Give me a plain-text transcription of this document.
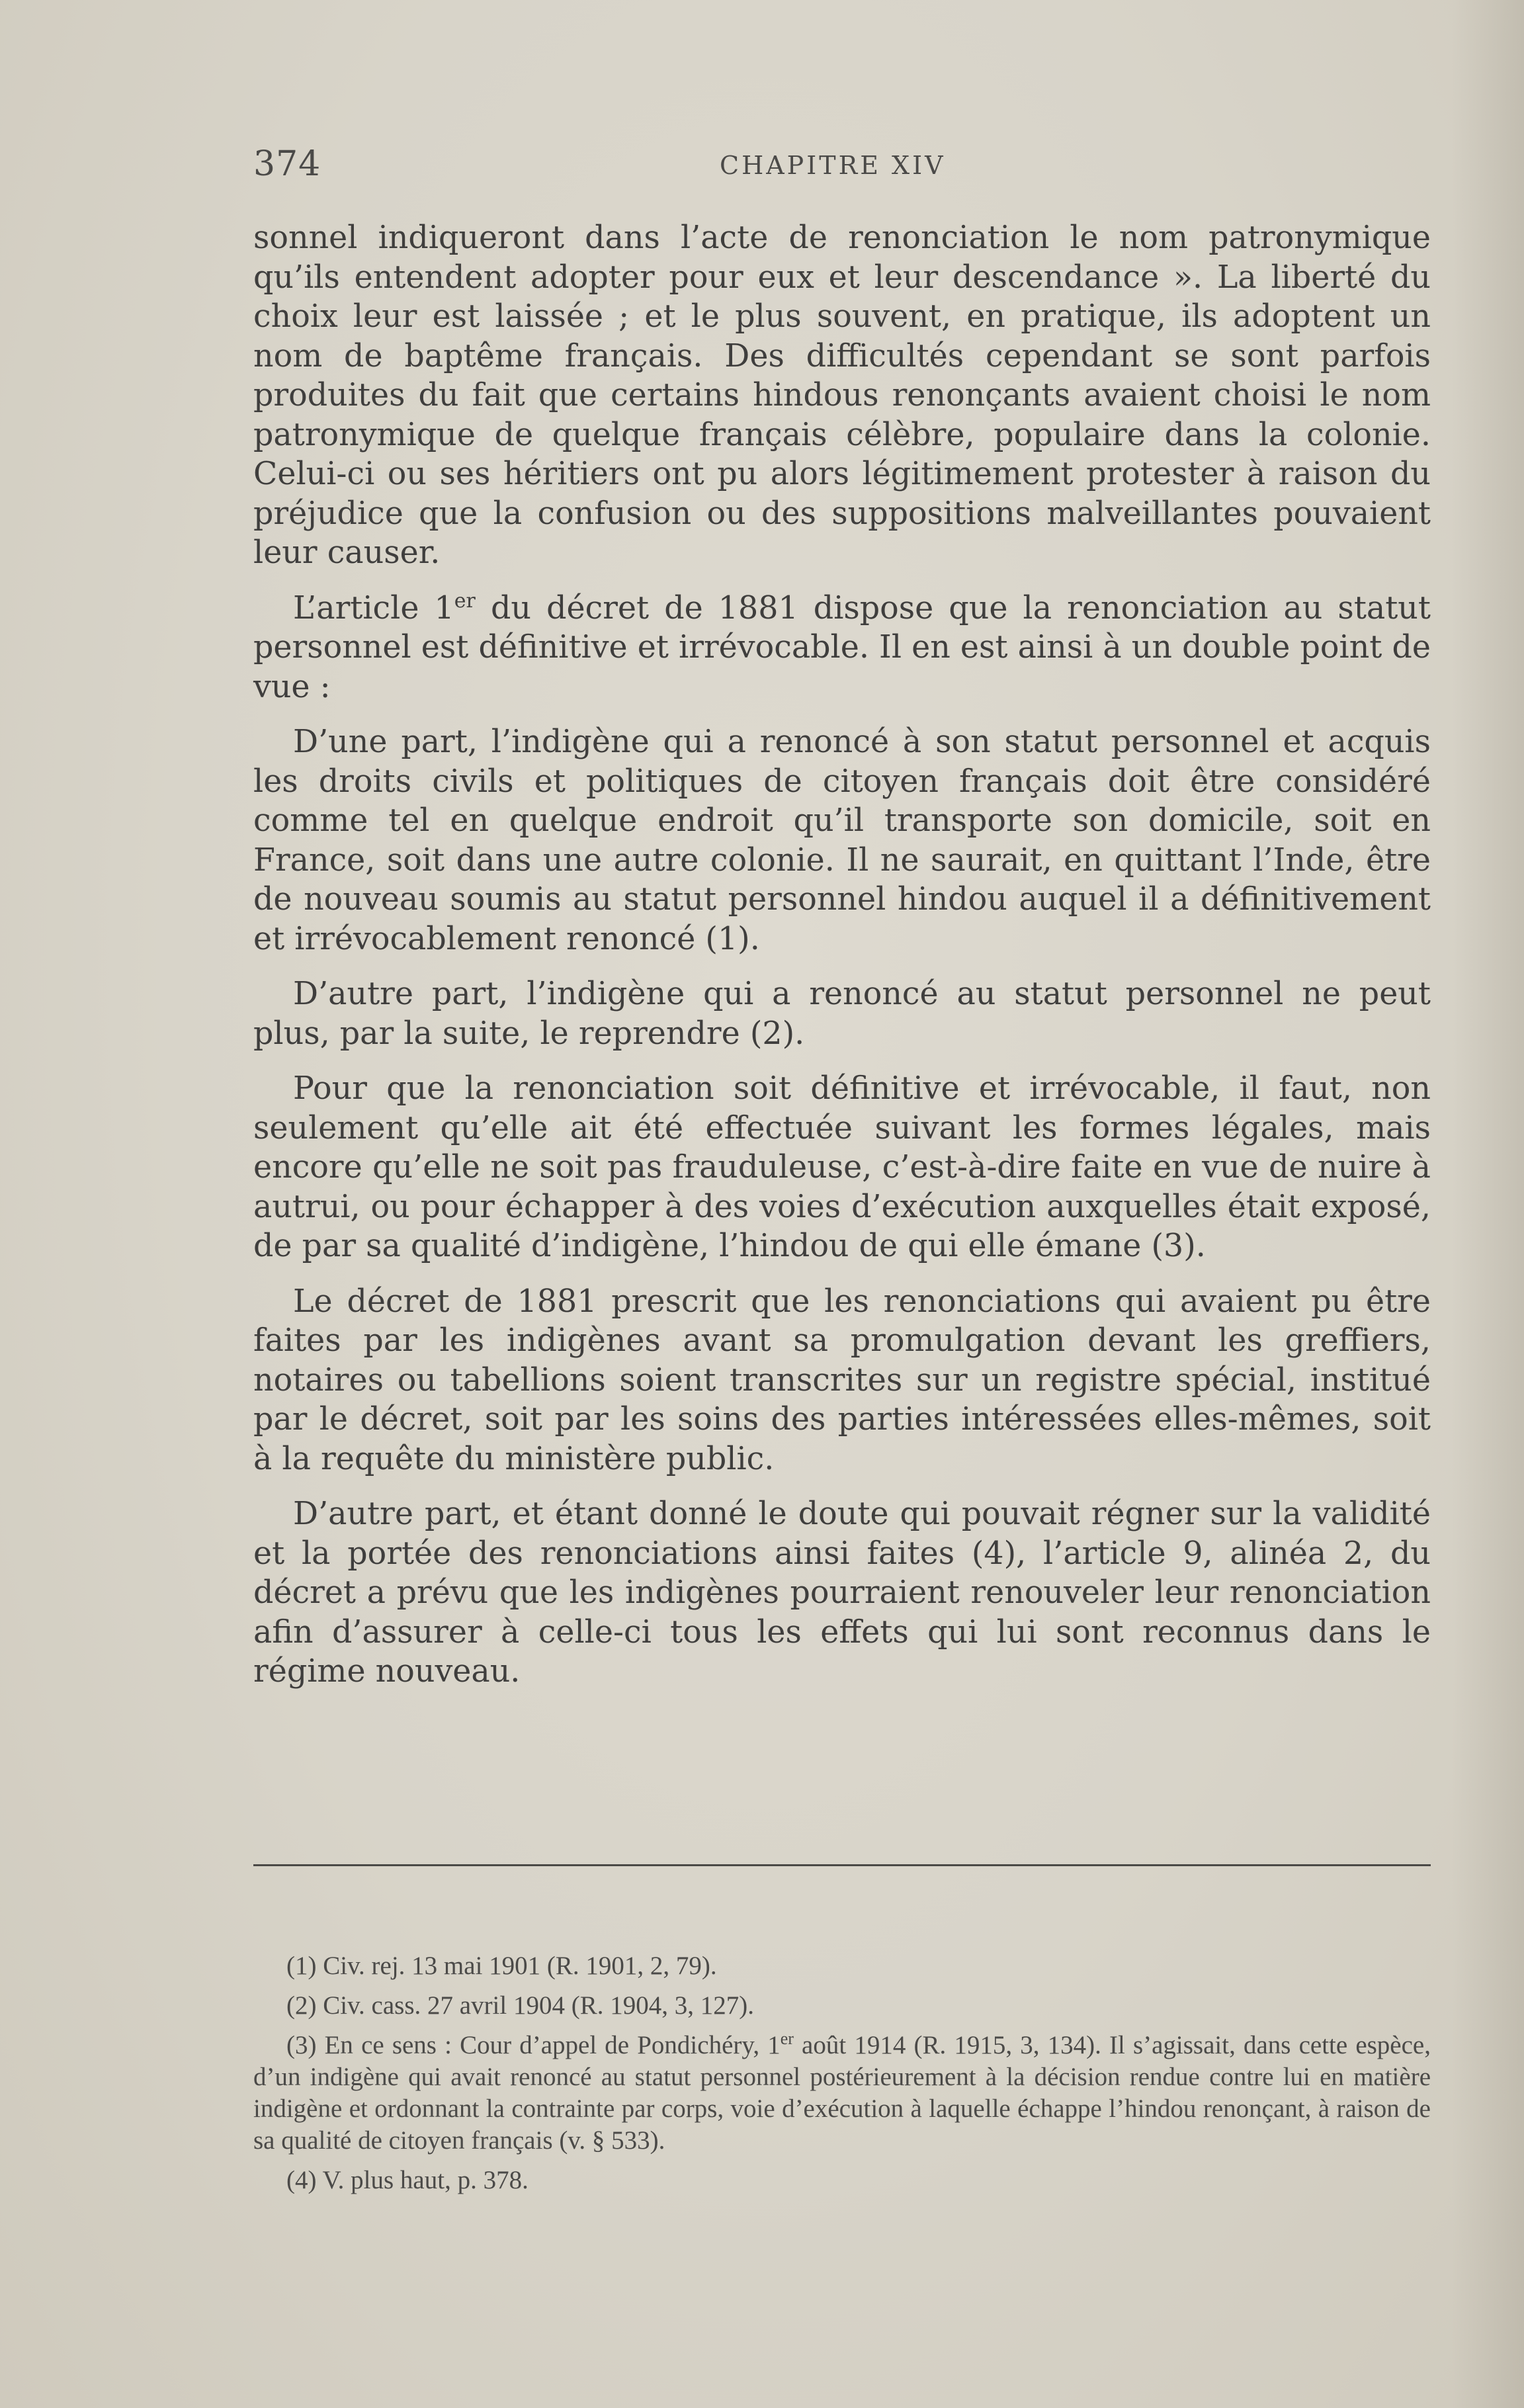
374	CHAPITRE XIV

sonnel indiqueront dans l’acte de renonciation le nom patronymique qu’ils entendent adopter pour eux et leur descendance ». La liberté du choix leur est laissée ; et le plus souvent, en pratique, ils adoptent un nom de baptême français. Des difficultés cependant se sont parfois produites du fait que certains hindous renonçants avaient choisi le nom patronymique de quelque français célèbre, populaire dans la colonie. Celui-ci ou ses héritiers ont pu alors légitimement protester à raison du préjudice que la confusion ou des suppositions malveillantes pouvaient leur causer.

L’article 1er du décret de 1881 dispose que la renonciation au statut personnel est définitive et irrévocable. Il en est ainsi à un double point de vue :

D’une part, l’indigène qui a renoncé à son statut personnel et acquis les droits civils et politiques de citoyen français doit être considéré comme tel en quelque endroit qu’il transporte son domicile, soit en France, soit dans une autre colonie. Il ne saurait, en quittant l’Inde, être de nouveau soumis au statut personnel hindou auquel il a définitivement et irrévocablement renoncé (1).

D’autre part, l’indigène qui a renoncé au statut personnel ne peut plus, par la suite, le reprendre (2).

Pour que la renonciation soit définitive et irrévocable, il faut, non seulement qu’elle ait été effectuée suivant les formes légales, mais encore qu’elle ne soit pas frauduleuse, c’est-à-dire faite en vue de nuire à autrui, ou pour échapper à des voies d’exécution auxquelles était exposé, de par sa qualité d’indigène, l’hindou de qui elle émane (3).

Le décret de 1881 prescrit que les renonciations qui avaient pu être faites par les indigènes avant sa promulgation devant les greffiers, notaires ou tabellions soient transcrites sur un registre spécial, institué par le décret, soit par les soins des parties intéressées elles-mêmes, soit à la requête du ministère public.

D’autre part, et étant donné le doute qui pouvait régner sur la validité et la portée des renonciations ainsi faites (4), l’article 9, alinéa 2, du décret a prévu que les indigènes pourraient renouveler leur renonciation afin d’assurer à celle-ci tous les effets qui lui sont reconnus dans le régime nouveau.

(1) Civ. rej. 13 mai 1901 (R. 1901, 2, 79).

(2) Civ. cass. 27 avril 1904 (R. 1904, 3, 127).

(3) En ce sens : Cour d’appel de Pondichéry, 1er août 1914 (R. 1915, 3, 134). Il s’agissait, dans cette espèce, d’un indigène qui avait renoncé au statut personnel postérieurement à la décision rendue contre lui en matière indigène et ordonnant la contrainte par corps, voie d’exécution à laquelle échappe l’hindou renonçant, à raison de sa qualité de citoyen français (v. § 533).

(4) V. plus haut, p. 378.
